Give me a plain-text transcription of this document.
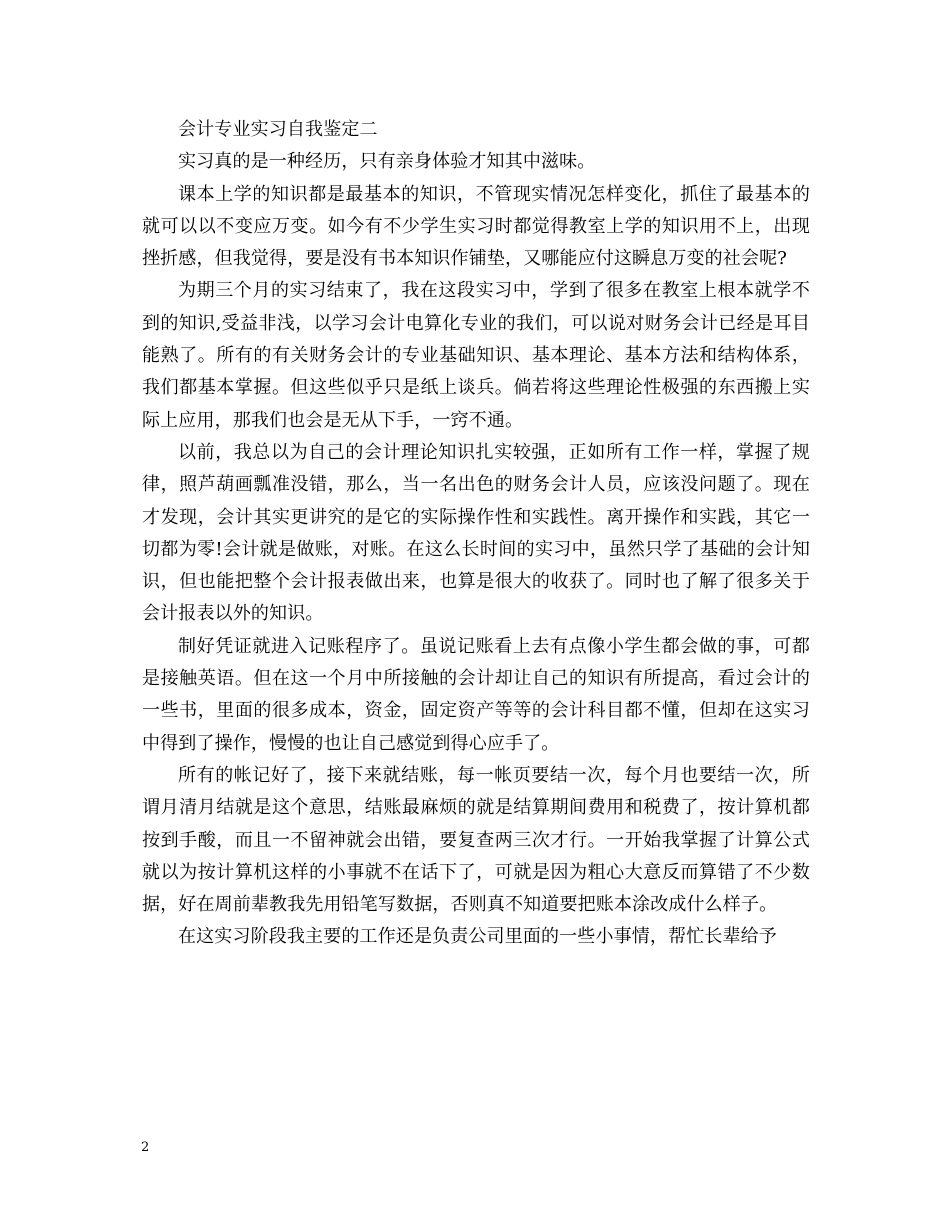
会计专业实习自我鉴定二

实习真的是一种经历，只有亲身体验才知其中滋味。

课本上学的知识都是最基本的知识，不管现实情况怎样变化，抓住了最基本的就可以以不变应万变。如今有不少学生实习时都觉得教室上学的知识用不上，出现挫折感，但我觉得，要是没有书本知识作铺垫，又哪能应付这瞬息万变的社会呢?

为期三个月的实习结束了，我在这段实习中，学到了很多在教室上根本就学不到的知识,受益非浅，以学习会计电算化专业的我们，可以说对财务会计已经是耳目能熟了。所有的有关财务会计的专业基础知识、基本理论、基本方法和结构体系，我们都基本掌握。但这些似乎只是纸上谈兵。倘若将这些理论性极强的东西搬上实际上应用，那我们也会是无从下手，一窍不通。

以前，我总以为自己的会计理论知识扎实较强，正如所有工作一样，掌握了规律，照芦葫画瓢准没错，那么，当一名出色的财务会计人员，应该没问题了。现在才发现，会计其实更讲究的是它的实际操作性和实践性。离开操作和实践，其它一切都为零!会计就是做账，对账。在这么长时间的实习中，虽然只学了基础的会计知识，但也能把整个会计报表做出来，也算是很大的收获了。同时也了解了很多关于会计报表以外的知识。

制好凭证就进入记账程序了。虽说记账看上去有点像小学生都会做的事，可都是接触英语。但在这一个月中所接触的会计却让自己的知识有所提高，看过会计的一些书，里面的很多成本，资金，固定资产等等的会计科目都不懂，但却在这实习中得到了操作，慢慢的也让自己感觉到得心应手了。

所有的帐记好了，接下来就结账，每一帐页要结一次，每个月也要结一次，所谓月清月结就是这个意思，结账最麻烦的就是结算期间费用和税费了，按计算机都按到手酸，而且一不留神就会出错，要复查两三次才行。一开始我掌握了计算公式就以为按计算机这样的小事就不在话下了，可就是因为粗心大意反而算错了不少数据，好在周前辈教我先用铅笔写数据，否则真不知道要把账本涂改成什么样子。

在这实习阶段我主要的工作还是负责公司里面的一些小事情，帮忙长辈给予

2
